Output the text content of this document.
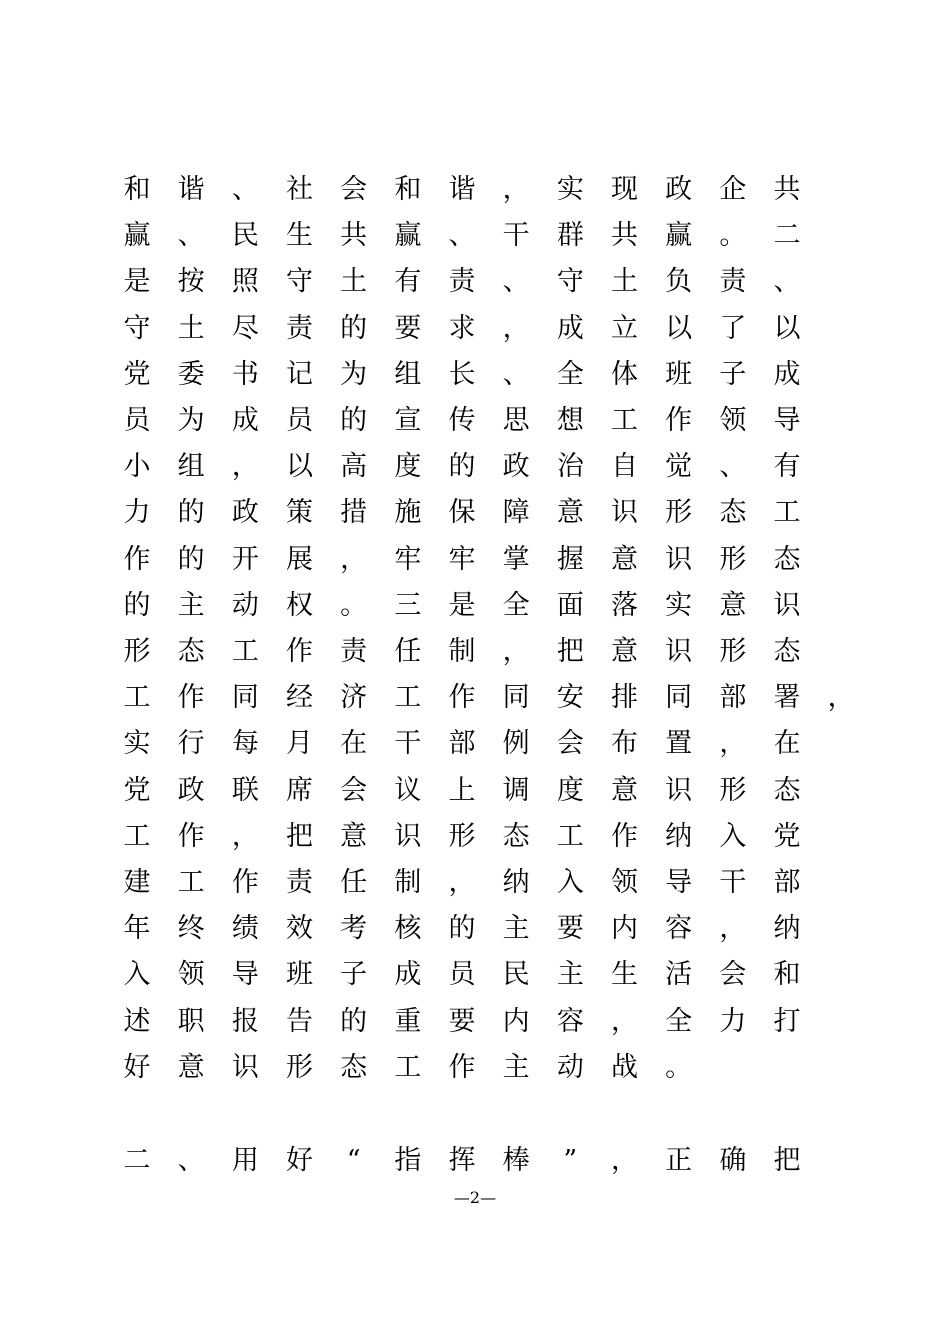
和 谐 、 社 会 和 谐 ， 实 现 政 企 共
赢 、 民 生 共 赢 、 干 群 共 赢 。 二
是 按 照 守 土 有 责 、 守 土 负 责 、
守 土 尽 责 的 要 求 ， 成 立 以 了 以
党 委 书 记 为 组 长 、 全 体 班 子 成
员 为 成 员 的 宣 传 思 想 工 作 领 导
小 组 ， 以 高 度 的 政 治 自 觉 、 有
力 的 政 策 措 施 保 障 意 识 形 态 工
作 的 开 展 ， 牢 牢 掌 握 意 识 形 态
的 主 动 权 。 三 是 全 面 落 实 意 识
形 态 工 作 责 任 制 ， 把 意 识 形 态
工 作 同 经 济 工 作 同 安 排 同 部 署 ，
实 行 每 月 在 干 部 例 会 布 置 ， 在
党 政 联 席 会 议 上 调 度 意 识 形 态
工 作 ， 把 意 识 形 态 工 作 纳 入 党
建 工 作 责 任 制 ， 纳 入 领 导 干 部
年 终 绩 效 考 核 的 主 要 内 容 ， 纳
入 领 导 班 子 成 员 民 主 生 活 会 和
述 职 报 告 的 重 要 内 容 ， 全 力 打
好 意 识 形 态 工 作 主 动 战 。
二 、 用 好	“	指 挥 棒	”	， 正 确 把
—2—
